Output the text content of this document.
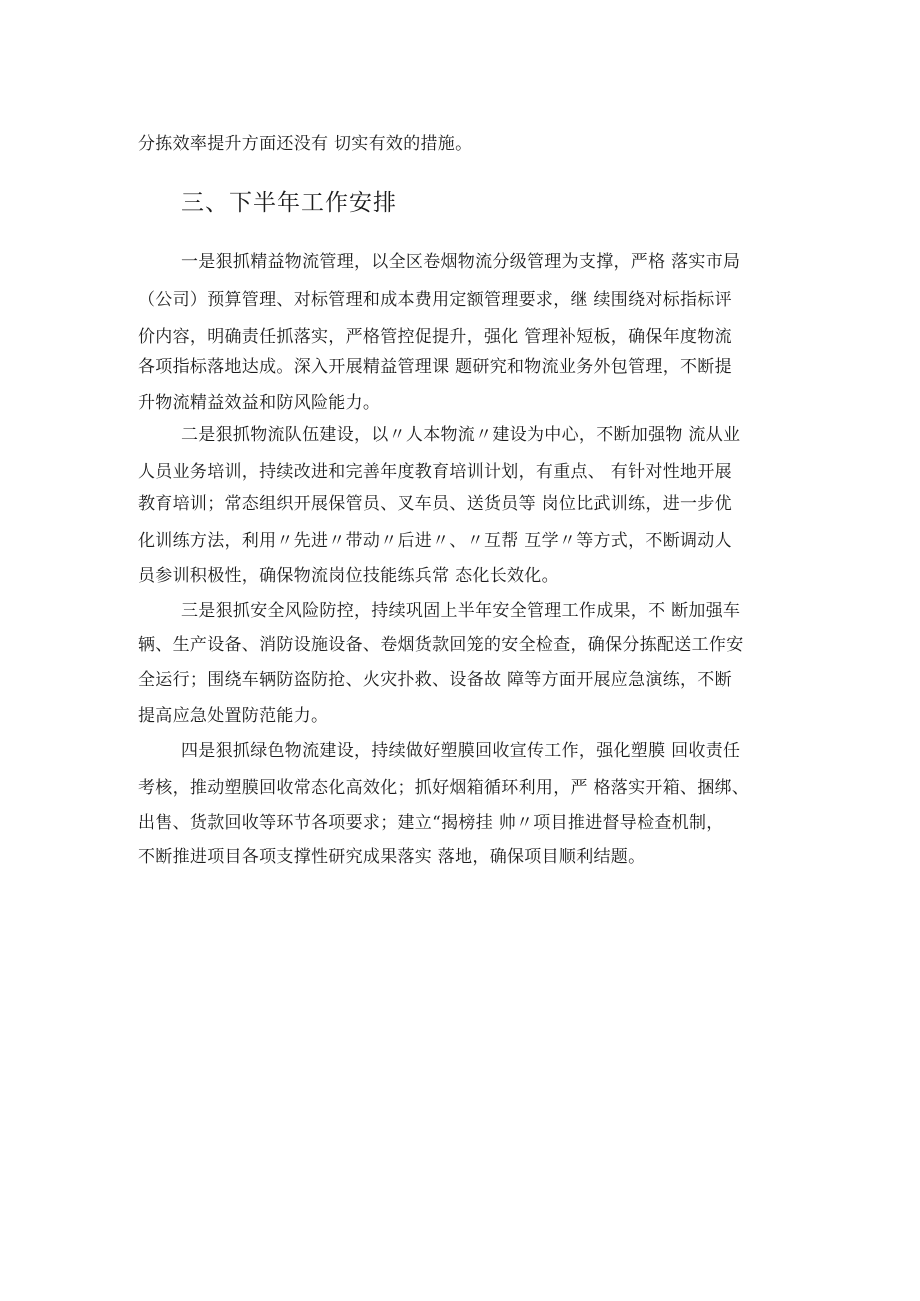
分拣效率提升方面还没有 切实有效的措施。
三、下半年工作安排
一是狠抓精益物流管理，以全区卷烟物流分级管理为支撑，严格 落实市局
（公司）预算管理、对标管理和成本费用定额管理要求，继 续围绕对标指标评
价内容，明确责任抓落实，严格管控促提升，强化 管理补短板，确保年度物流
各项指标落地达成。深入开展精益管理课 题研究和物流业务外包管理，不断提
升物流精益效益和防风险能力。
二是狠抓物流队伍建设，以〃人本物流〃建设为中心，不断加强物 流从业
人员业务培训，持续改进和完善年度教育培训计划，有重点、 有针对性地开展
教育培训；常态组织开展保管员、叉车员、送货员等 岗位比武训练，进一步优
化训练方法，利用〃先进〃带动〃后进〃、〃互帮 互学〃等方式，不断调动人
员参训积极性，确保物流岗位技能练兵常 态化长效化。
三是狠抓安全风险防控，持续巩固上半年安全管理工作成果，不 断加强车
辆、生产设备、消防设施设备、卷烟货款回笼的安全检查，确保分拣配送工作安
全运行；围绕车辆防盗防抢、火灾扑救、设备故 障等方面开展应急演练，不断
提高应急处置防范能力。
四是狠抓绿色物流建设，持续做好塑膜回收宣传工作，强化塑膜 回收责任
考核，推动塑膜回收常态化高效化；抓好烟箱循环利用，严 格落实开箱、捆绑、
出售、货款回收等环节各项要求；建立“揭榜挂 帅〃项目推进督导检查机制，
不断推进项目各项支撑性研究成果落实 落地，确保项目顺利结题。
